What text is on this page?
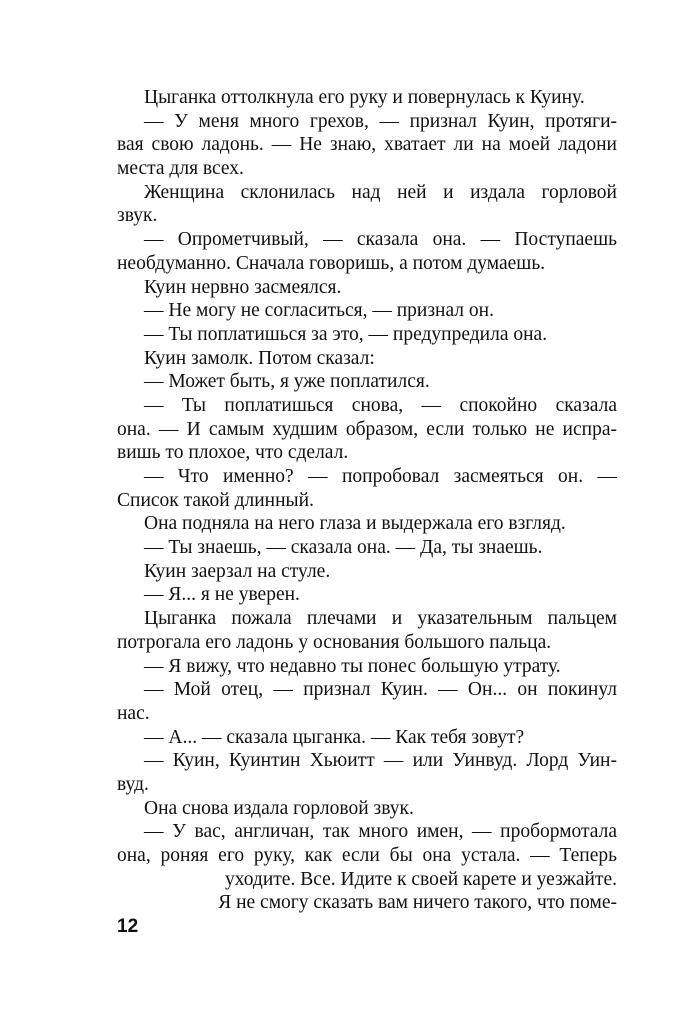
Цыганка оттолкнула его руку и повернулась к Куину.
— У меня много грехов, — признал Куин, протяги-
вая свою ладонь. — Не знаю, хватает ли на моей ладони
места для всех.
Женщина склонилась над ней и издала горловой
звук.
— Опрометчивый, — сказала она. — Поступаешь
необдуманно. Сначала говоришь, а потом думаешь.
Куин нервно засмеялся.
— Не могу не согласиться, — признал он.
— Ты поплатишься за это, — предупредила она.
Куин замолк. Потом сказал:
— Может быть, я уже поплатился.
— Ты поплатишься снова, — спокойно сказала
она. — И самым худшим образом, если только не испра-
вишь то плохое, что сделал.
— Что именно? — попробовал засмеяться он. —
Список такой длинный.
Она подняла на него глаза и выдержала его взгляд.
— Ты знаешь, — сказала она. — Да, ты знаешь.
Куин заерзал на стуле.
— Я... я не уверен.
Цыганка пожала плечами и указательным пальцем
потрогала его ладонь у основания большого пальца.
— Я вижу, что недавно ты понес большую утрату.
— Мой отец, — признал Куин. — Он... он покинул
нас.
— А... — сказала цыганка. — Как тебя зовут?
— Куин, Куинтин Хьюитт — или Уинвуд. Лорд Уин-
вуд.
Она снова издала горловой звук.
— У вас, англичан, так много имен, — пробормотала
она, роняя его руку, как если бы она устала. — Теперь
уходите. Все. Идите к своей карете и уезжайте.
Я не смогу сказать вам ничего такого, что поме-
12
